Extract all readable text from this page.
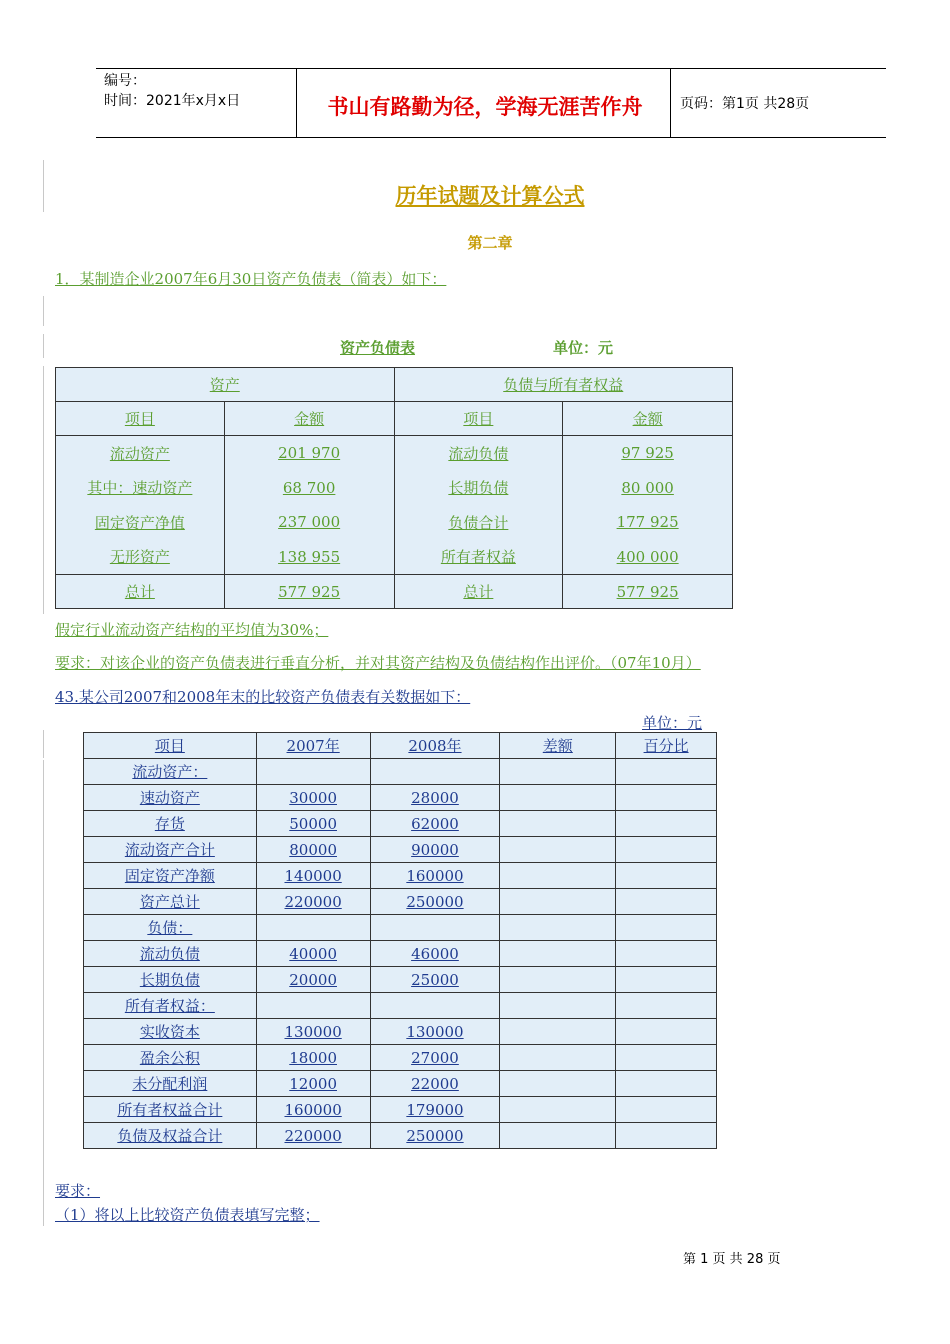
编号：
时间：2021年x月x日	书山有路勤为径，学海无涯苦作舟	页码：第1页 共28页
历年试题及计算公式
第二章
1．某制造企业2007年6月30日资产负债表（简表）如下：
资产负债表	单位：元
资产		负债与所有者权益	
项目	金额	项目	金额
流动资产	201 970	流动负债	97 925
其中：速动资产	68 700	长期负债	80 000
固定资产净值	237 000	负债合计	177 925
无形资产	138 955	所有者权益	400 000
总计	577 925	总计	577 925
假定行业流动资产结构的平均值为30%；
要求：对该企业的资产负债表进行垂直分析，并对其资产结构及负债结构作出评价。（07年10月）
43.某公司2007和2008年末的比较资产负债表有关数据如下：
单位：元
项目	2007年	2008年	差额	百分比
流动资产：				
速动资产	30000	28000		
存货	50000	62000		
流动资产合计	80000	90000		
固定资产净额	140000	160000		
资产总计	220000	250000		
负债：				
流动负债	40000	46000		
长期负债	20000	25000		
所有者权益：				
实收资本	130000	130000		
盈余公积	18000	27000		
未分配利润	12000	22000		
所有者权益合计	160000	179000		
负债及权益合计	220000	250000		
要求：
（1）将以上比较资产负债表填写完整；
第 1 页 共 28 页
